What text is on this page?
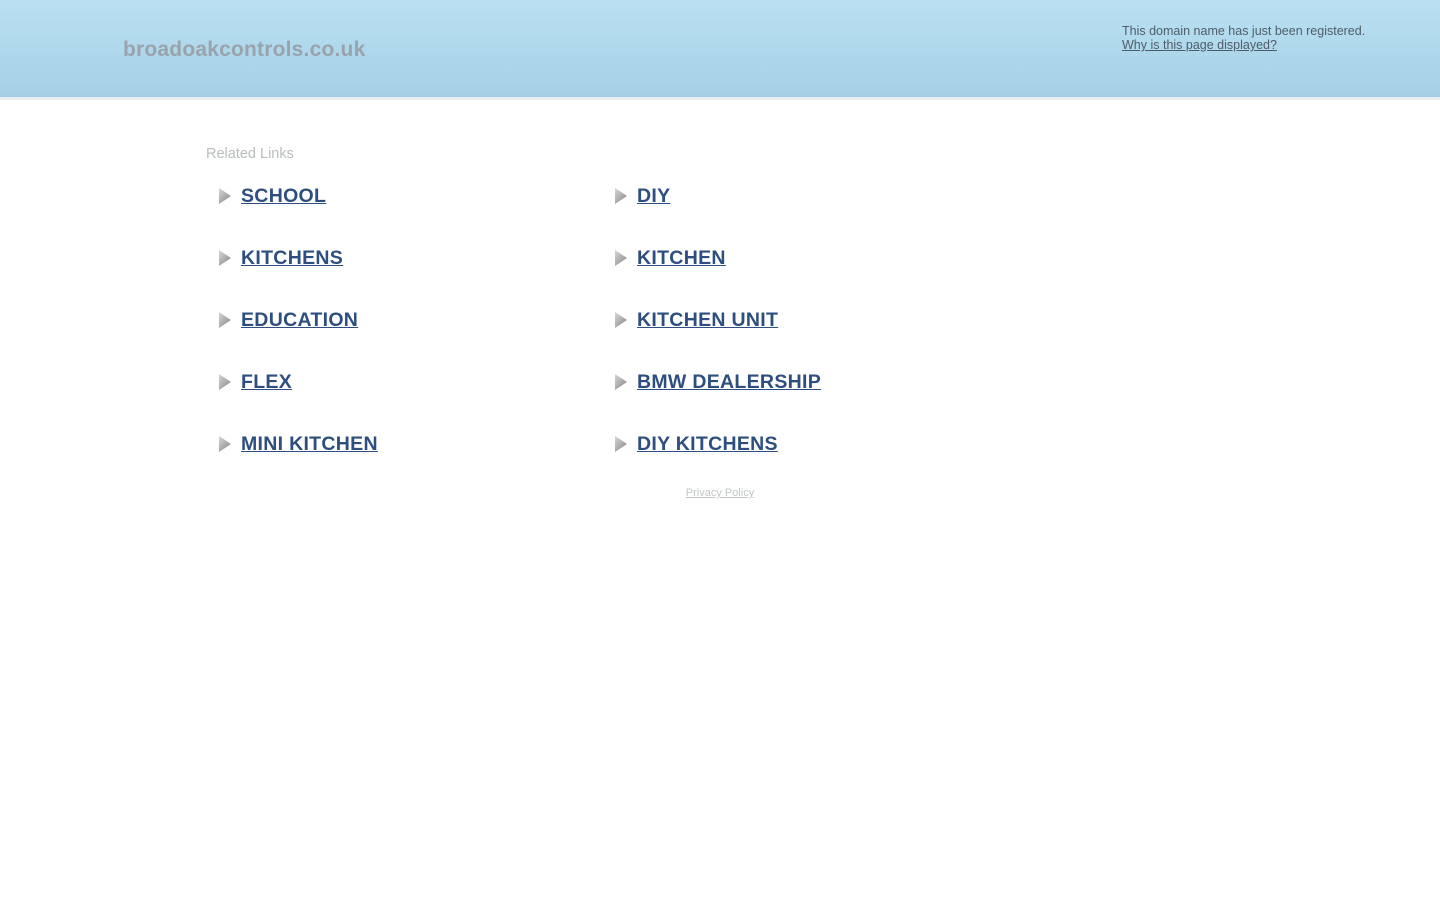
broadoakcontrols.co.uk
This domain name has just been registered.
Why is this page displayed?
Related Links
SCHOOL
KITCHENS
EDUCATION
FLEX
MINI KITCHEN
DIY
KITCHEN
KITCHEN UNIT
BMW DEALERSHIP
DIY KITCHENS
Privacy Policy
